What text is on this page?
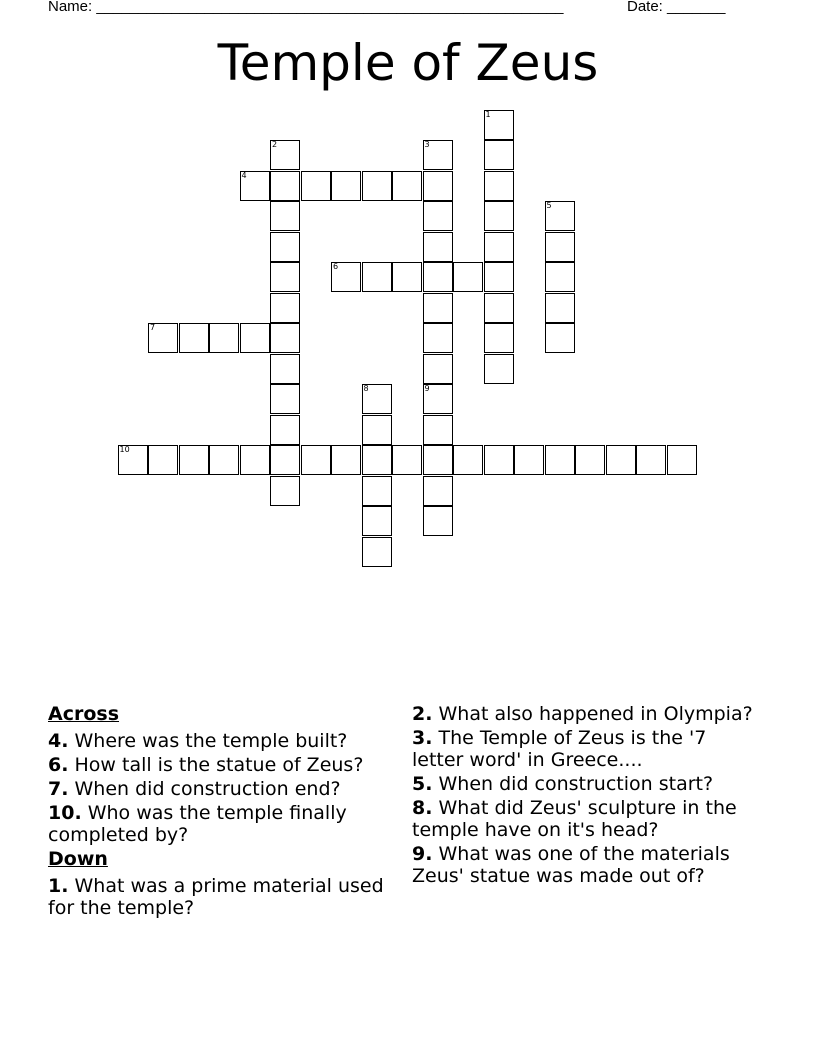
Name: ________________________________________________________	Date: _______
Temple of Zeus
1
2	3
4
5
6
7
8	9
10
Across
4. Where was the temple built?
6. How tall is the statue of Zeus?
7. When did construction end?
10. Who was the temple finally completed by?
Down
1. What was a prime material used for the temple?
2. What also happened in Olympia?
3. The Temple of Zeus is the '7 letter word' in Greece....
5. When did construction start?
8. What did Zeus' sculpture in the temple have on it's head?
9. What was one of the materials Zeus' statue was made out of?
